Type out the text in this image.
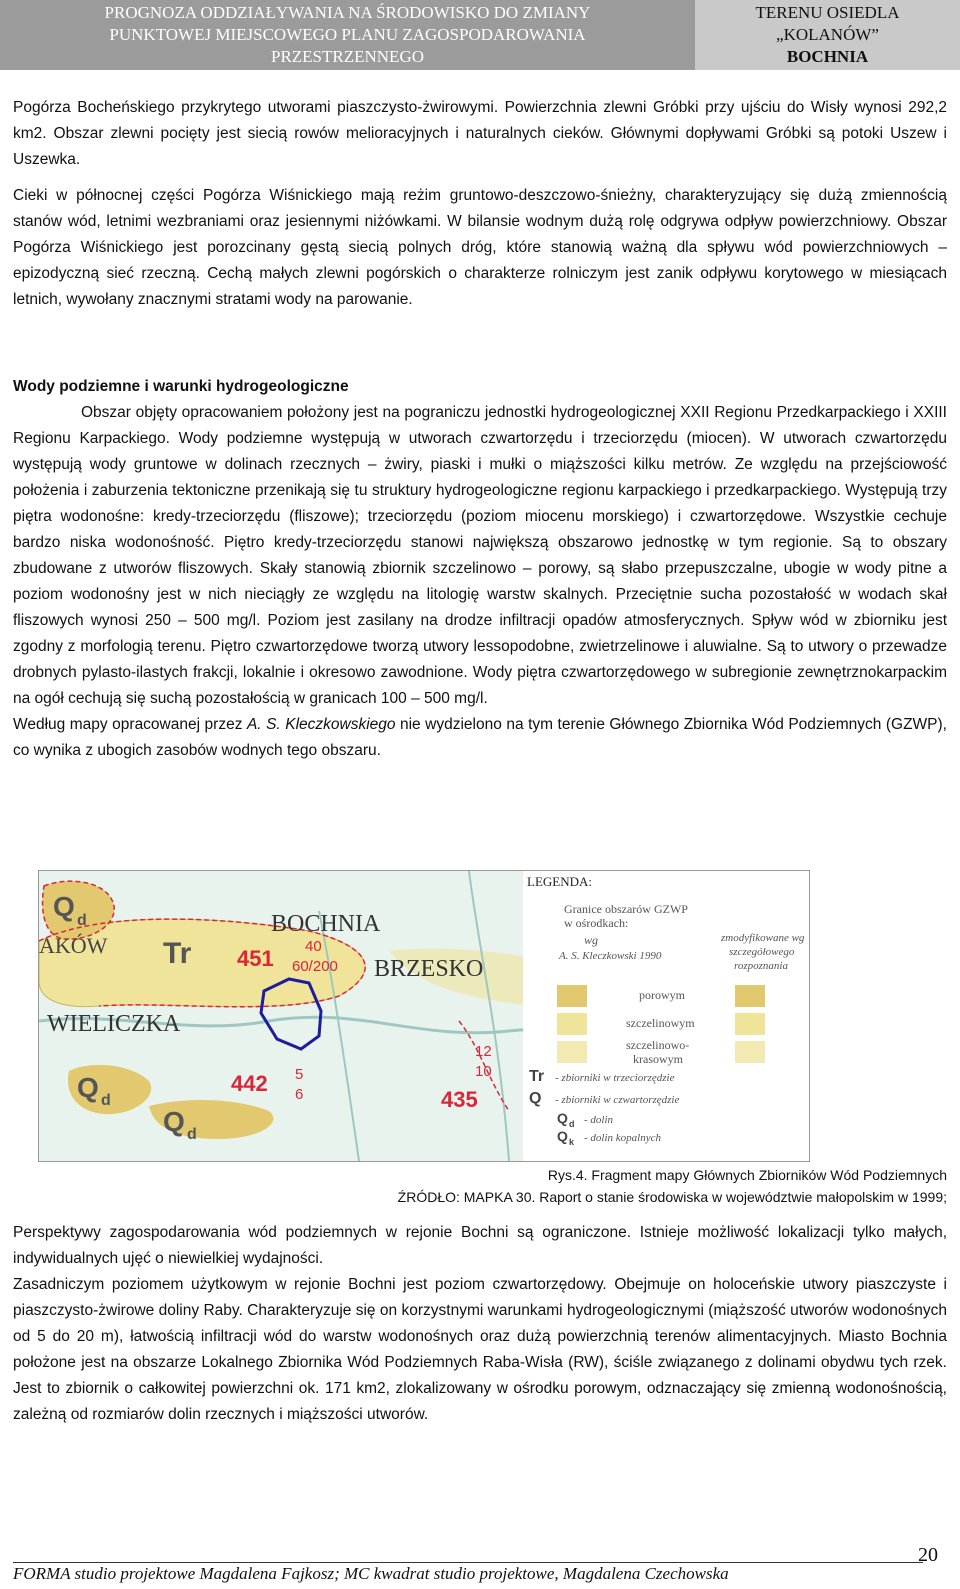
PROGNOZA ODDZIAŁYWANIA NA ŚRODOWISKO DO ZMIANY
PUNKTOWEJ MIEJSCOWEGO PLANU ZAGOSPODAROWANIA
PRZESTRZENNEGO
TERENU OSIEDLA
„KOLANÓW”
BOCHNIA

Pogórza Bocheńskiego przykrytego utworami piaszczysto-żwirowymi. Powierzchnia zlewni Gróbki przy ujściu do Wisły wynosi 292,2 km2. Obszar zlewni pocięty jest siecią rowów melioracyjnych i naturalnych cieków. Głównymi dopływami Gróbki są potoki Uszew i Uszewka.

Cieki w północnej części Pogórza Wiśnickiego mają reżim gruntowo-deszczowo-śnieżny, charakteryzujący się dużą zmiennością stanów wód, letnimi wezbraniami oraz jesiennymi niżówkami. W bilansie wodnym dużą rolę odgrywa odpływ powierzchniowy. Obszar Pogórza Wiśnickiego jest porozcinany gęstą siecią polnych dróg, które stanowią ważną dla spływu wód powierzchniowych – epizodyczną sieć rzeczną. Cechą małych zlewni pogórskich o charakterze rolniczym jest zanik odpływu korytowego w miesiącach letnich, wywołany znacznymi stratami wody na parowanie.

Wody podziemne i warunki hydrogeologiczne

Obszar objęty opracowaniem położony jest na pograniczu jednostki hydrogeologicznej XXII Regionu Przedkarpackiego i XXIII Regionu Karpackiego. Wody podziemne występują w utworach czwartorzędu i trzeciorzędu (miocen). W utworach czwartorzędu występują wody gruntowe w dolinach rzecznych – żwiry, piaski i mułki o miąższości kilku metrów. Ze względu na przejściowość położenia i zaburzenia tektoniczne przenikają się tu struktury hydrogeologiczne regionu karpackiego i przedkarpackiego. Występują trzy piętra wodonośne: kredy-trzeciorzędu (fliszowe); trzeciorzędu (poziom miocenu morskiego) i czwartorzędowe. Wszystkie cechuje bardzo niska wodonośność. Piętro kredy-trzeciorzędu stanowi największą obszarowo jednostkę w tym regionie. Są to obszary zbudowane z utworów fliszowych. Skały stanowią zbiornik szczelinowo – porowy, są słabo przepuszczalne, ubogie w wody pitne a poziom wodonośny jest w nich nieciągły ze względu na litologię warstw skalnych. Przeciętnie sucha pozostałość w wodach skał fliszowych wynosi 250 – 500 mg/l. Poziom jest zasilany na drodze infiltracji opadów atmosferycznych. Spływ wód w zbiorniku jest zgodny z morfologią terenu. Piętro czwartorzędowe tworzą utwory lessopodobne, zwietrzelinowe i aluwialne. Są to utwory o przewadze drobnych pylasto-ilastych frakcji, lokalnie i okresowo zawodnione. Wody piętra czwartorzędowego w subregionie zewnętrznokarpackim na ogół cechują się suchą pozostałością w granicach 100 – 500 mg/l.

Według mapy opracowanej przez A. S. Kleczkowskiego nie wydzielono na tym terenie Głównego Zbiornika Wód Podziemnych (GZWP), co wynika z ubogich zasobów wodnych tego obszaru.

BOCHNIA
BRZESKO
WIELICZKA
AKÓW Tr
Q d
Q d
Q d
451 40
60/200
442 5
6
12
10
435
LEGENDA:
Granice obszarów GZWP
w ośrodkach:
wg
A. S. Kleczkowski 1990
zmodyfikowane wg
szczegółowego
rozpoznania
porowym
szczelinowym
szczelinowo-
krasowym
Tr - zbiorniki w trzeciorzędzie
Q - zbiorniki w czwartorzędzie
Q d - dolin
Q k - dolin kopalnych
Rys.4. Fragment mapy Głównych Zbiorników Wód Podziemnych
ŹRÓDŁO: MAPKA 30. Raport o stanie środowiska w województwie małopolskim w 1999;

Perspektywy zagospodarowania wód podziemnych w rejonie Bochni są ograniczone. Istnieje możliwość lokalizacji tylko małych, indywidualnych ujęć o niewielkiej wydajności.

Zasadniczym poziomem użytkowym w rejonie Bochni jest poziom czwartorzędowy. Obejmuje on holoceńskie utwory piaszczyste i piaszczysto-żwirowe doliny Raby. Charakteryzuje się on korzystnymi warunkami hydrogeologicznymi (miąższość utworów wodonośnych od 5 do 20 m), łatwością infiltracji wód do warstw wodonośnych oraz dużą powierzchnią terenów alimentacyjnych. Miasto Bochnia położone jest na obszarze Lokalnego Zbiornika Wód Podziemnych Raba-Wisła (RW), ściśle związanego z dolinami obydwu tych rzek. Jest to zbiornik o całkowitej powierzchni ok. 171 km2, zlokalizowany w ośrodku porowym, odznaczający się zmienną wodonośnością, zależną od rozmiarów dolin rzecznych i miąższości utworów.

20
FORMA studio projektowe Magdalena Fajkosz; MC kwadrat studio projektowe, Magdalena Czechowska
